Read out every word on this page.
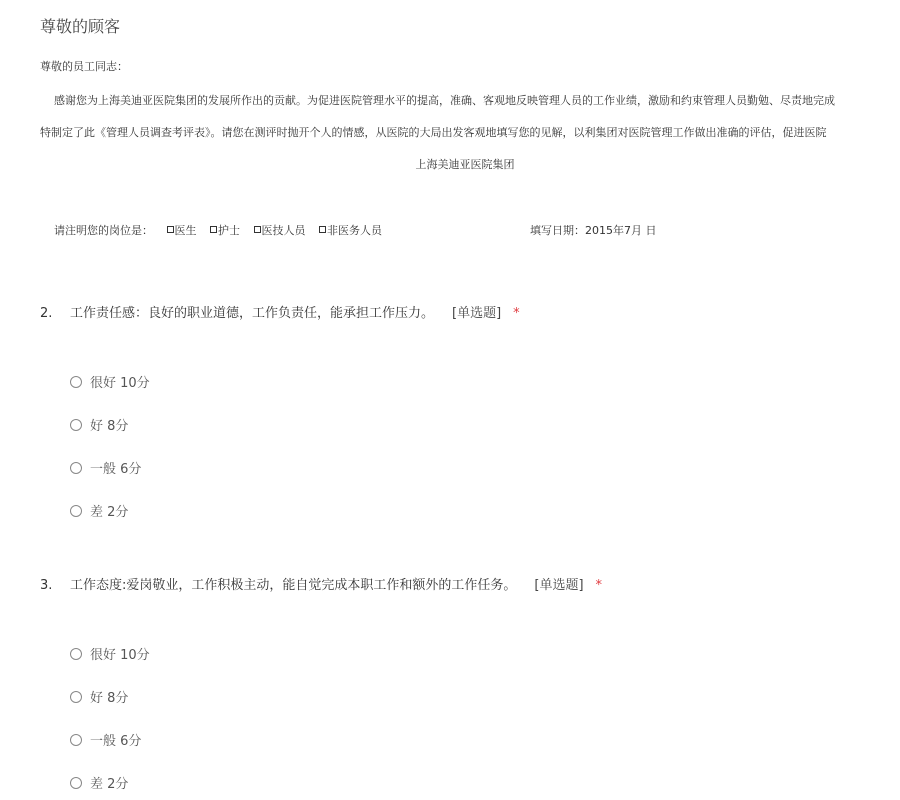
尊敬的顾客
尊敬的员工同志：
感谢您为上海美迪亚医院集团的发展所作出的贡献。为促进医院管理水平的提高，准确、客观地反映管理人员的工作业绩，激励和约束管理人员勤勉、尽责地完成
特制定了此《管理人员调查考评表》。请您在测评时抛开个人的情感，从医院的大局出发客观地填写您的见解，以利集团对医院管理工作做出准确的评估，促进医院
上海美迪亚医院集团
请注明您的岗位是： 医生 护士 医技人员 非医务人员	填写日期：2015年7月 日
2. 工作责任感：良好的职业道德，工作负责任，能承担工作压力。 [单选题] *
很好 10分
好 8分
一般 6分
差 2分
3. 工作态度:爱岗敬业，工作积极主动，能自觉完成本职工作和额外的工作任务。 [单选题] *
很好 10分
好 8分
一般 6分
差 2分
